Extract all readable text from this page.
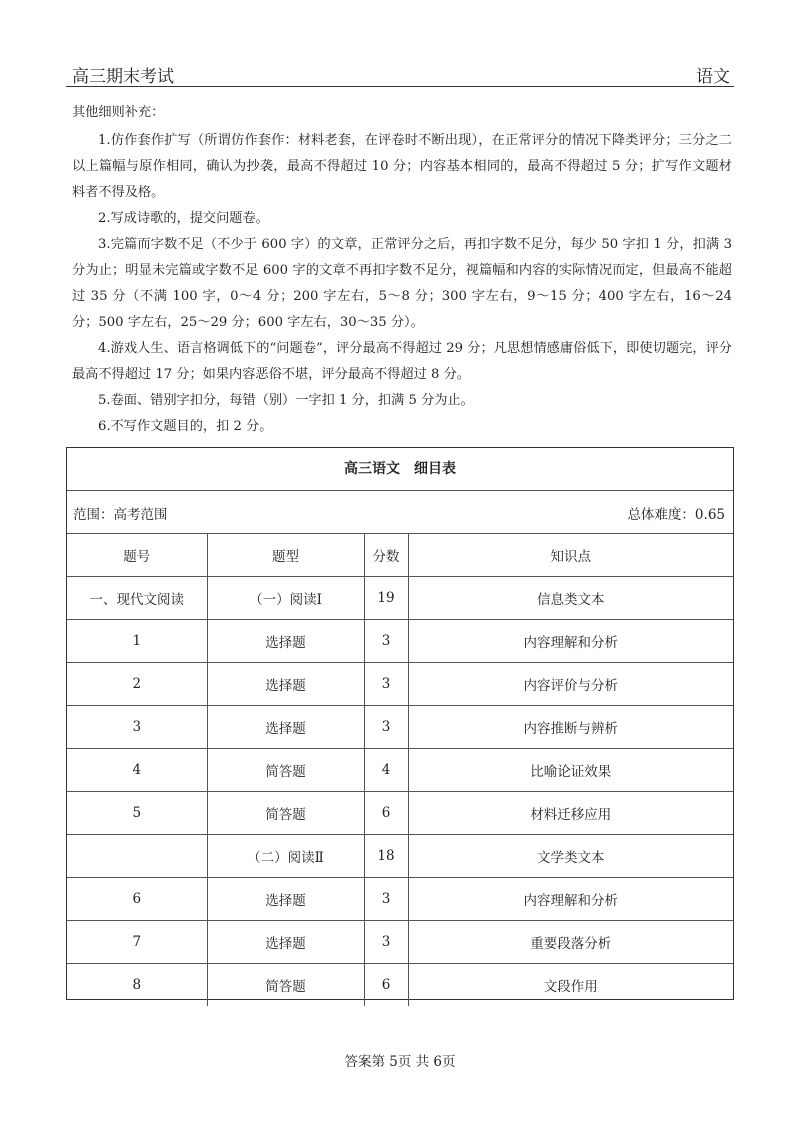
高三期末考试	语文

其他细则补充：

1.仿作套作扩写（所谓仿作套作：材料老套，在评卷时不断出现），在正常评分的情况下降类评分；三分之二以上篇幅与原作相同，确认为抄袭，最高不得超过 10 分；内容基本相同的，最高不得超过 5 分；扩写作文题材料者不得及格。

2.写成诗歌的，提交问题卷。

3.完篇而字数不足（不少于 600 字）的文章，正常评分之后，再扣字数不足分，每少 50 字扣 1 分，扣满 3 分为止；明显未完篇或字数不足 600 字的文章不再扣字数不足分，视篇幅和内容的实际情况而定，但最高不能超过 35 分（不满 100 字，0～4 分；200 字左右，5～8 分；300 字左右，9～15 分；400 字左右，16～24 分；500 字左右，25～29 分；600 字左右，30～35 分）。

4.游戏人生、语言格调低下的“问题卷”，评分最高不得超过 29 分；凡思想情感庸俗低下，即使切题完，评分最高不得超过 17 分；如果内容恶俗不堪，评分最高不得超过 8 分。

5.卷面、错别字扣分，每错（别）一字扣 1 分，扣满 5 分为止。

6.不写作文题目的，扣 2 分。

高三语文　细目表
范围：高考范围	总体难度：0.65
题号	题型	分数	知识点
一、现代文阅读	（一）阅读Ⅰ	19	信息类文本
1	选择题	3	内容理解和分析
2	选择题	3	内容评价与分析
3	选择题	3	内容推断与辨析
4	简答题	4	比喻论证效果
5	简答题	6	材料迁移应用
	（二）阅读Ⅱ	18	文学类文本
6	选择题	3	内容理解和分析
7	选择题	3	重要段落分析
8	简答题	6	文段作用
答案第 5页 共 6页
